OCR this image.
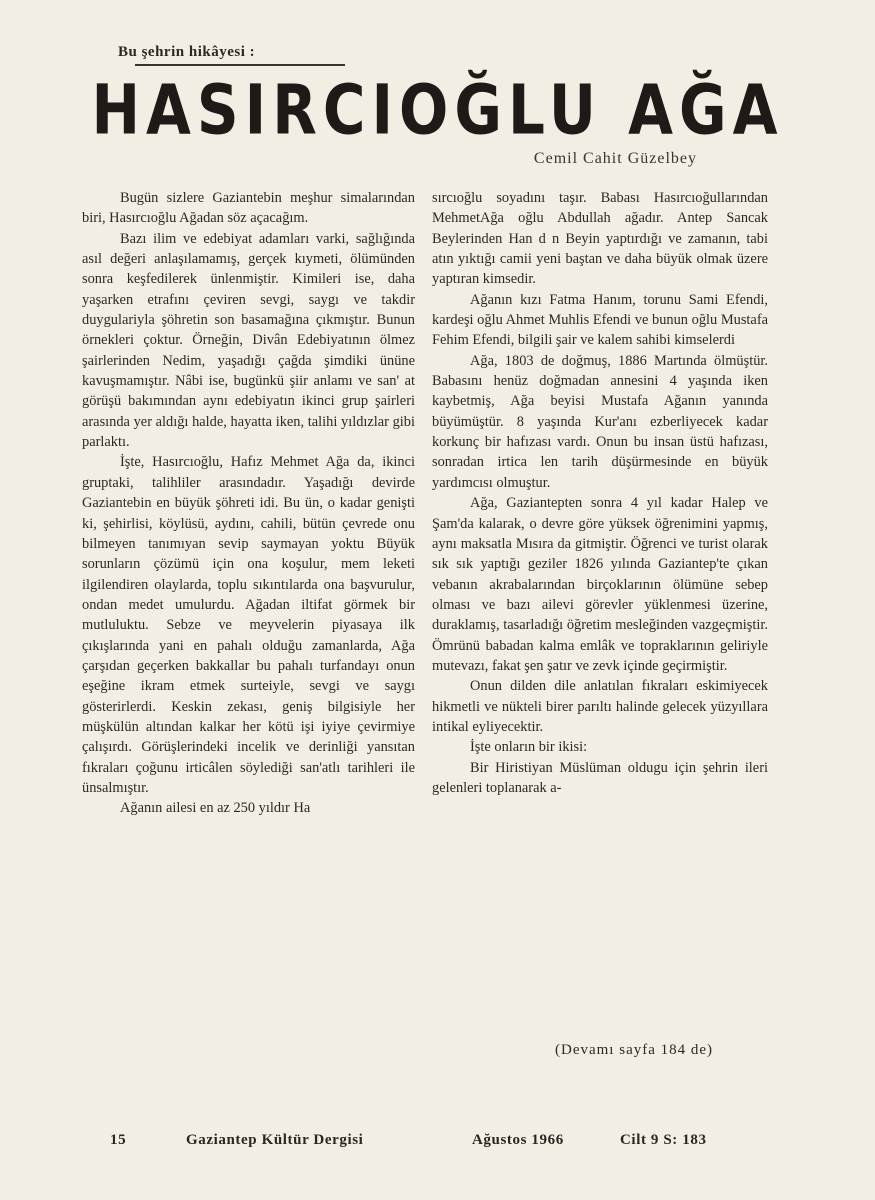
Bu şehrin hikâyesi :
HASIRCIOĞLU AĞA
Cemil Cahit Güzelbey

Bugün sizlere Gaziantebin meşhur simalarından biri, Hasırcıoğlu Ağadan söz açacağım.

Bazı ilim ve edebiyat adamları varki, sağlığında asıl değeri anlaşılamamış, gerçek kıymeti, ölümünden sonra keşfedilerek ünlenmiştir. Kimileri ise, daha yaşarken etrafını çeviren sevgi, saygı ve takdir duygulariyla şöhretin son basamağına çıkmıştır. Bunun örnekleri çoktur. Örneğin, Divân Edebiyatının ölmez şairlerinden Nedim, yaşadığı çağda şimdiki ününe kavuşmamıştır. Nâbi ise, bugünkü şiir anlamı ve san' at görüşü bakımından aynı edebiyatın ikinci grup şairleri arasında yer aldığı halde, hayatta iken, talihi yıldızlar gibi parlaktı.

İşte, Hasırcıoğlu, Hafız Mehmet Ağa da, ikinci gruptaki, talihliler arasındadır. Yaşadığı devirde Gaziantebin en büyük şöhreti idi. Bu ün, o kadar genişti ki, şehirlisi, köylüsü, aydını, cahili, bütün çevrede onu bilmeyen tanımıyan sevip saymayan yoktu Büyük sorunların çözümü için ona koşulur, mem leketi ilgilendiren olaylarda, toplu sıkıntılarda ona başvurulur, ondan medet umulurdu. Ağadan iltifat görmek bir mutluluktu. Sebze ve meyvelerin piyasaya ilk çıkışlarında yani en pahalı olduğu zamanlarda, Ağa çarşıdan geçerken bakkallar bu pahalı turfandayı onun eşeğine ikram etmek surteiyle, sevgi ve saygı gösterirlerdi. Keskin zekası, geniş bilgisiyle her müşkülün altından kalkar her kötü işi iyiye çevirmiye çalışırdı. Görüşlerindeki incelik ve derinliği yansıtan fıkraları çoğunu irticâlen söylediği san'atlı tarihleri ile ünsalmıştır.

Ağanın ailesi en az 250 yıldır Ha

sırcıoğlu soyadını taşır. Babası Hasırcıoğullarından MehmetAğa oğlu Abdullah ağadır. Antep Sancak Beylerinden Han d n Beyin yaptırdığı ve zamanın, tabi atın yıktığı camii yeni baştan ve daha büyük olmak üzere yaptıran kimsedir.

Ağanın kızı Fatma Hanım, torunu Sami Efendi, kardeşi oğlu Ahmet Muhlis Efendi ve bunun oğlu Mustafa Fehim Efendi, bilgili şair ve kalem sahibi kimselerdi

Ağa, 1803 de doğmuş, 1886 Martında ölmüştür. Babasını henüz doğmadan annesini 4 yaşında iken kaybetmiş, Ağa beyisi Mustafa Ağanın yanında büyümüştür. 8 yaşında Kur'anı ezberliyecek kadar korkunç bir hafızası vardı. Onun bu insan üstü hafızası, sonradan irtica len tarih düşürmesinde en büyük yardımcısı olmuştur.

Ağa, Gaziantepten sonra 4 yıl kadar Halep ve Şam'da kalarak, o devre göre yüksek öğrenimini yapmış, aynı maksatla Mısıra da gitmiştir. Öğrenci ve turist olarak sık sık yaptığı geziler 1826 yılında Gaziantep'te çıkan vebanın akrabalarından birçoklarının ölümüne sebep olması ve bazı ailevi görevler yüklenmesi üzerine, duraklamış, tasarladığı öğretim mesleğinden vazgeçmiştir. Ömrünü babadan kalma emlâk ve topraklarının geliriyle mutevazı, fakat şen şatır ve zevk içinde geçirmiştir.

Onun dilden dile anlatılan fıkraları eskimiyecek hikmetli ve nükteli birer parıltı halinde gelecek yüzyıllara intikal eyliyecektir.

İşte onların bir ikisi:

Bir Hiristiyan Müslüman oldugu için şehrin ileri gelenleri toplanarak a-

(Devamı sayfa 184 de)
15	Gaziantep Kültür Dergisi	Ağustos 1966	Cilt 9 S: 183
